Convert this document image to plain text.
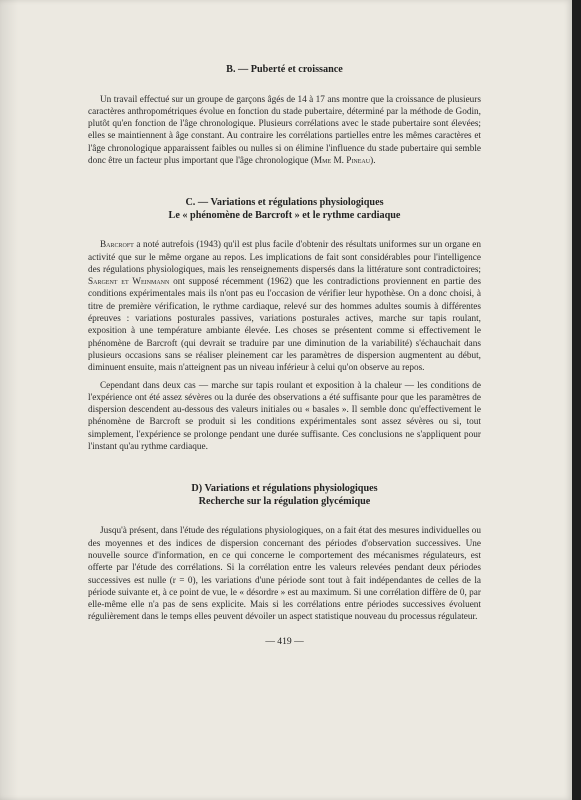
B. — Puberté et croissance

Un travail effectué sur un groupe de garçons âgés de 14 à 17 ans montre que la croissance de plusieurs caractères anthropométriques évolue en fonction du stade pubertaire, déterminé par la méthode de Godin, plutôt qu'en fonction de l'âge chronologique. Plusieurs corrélations avec le stade pubertaire sont élevées; elles se maintiennent à âge constant. Au contraire les corrélations partielles entre les mêmes caractères et l'âge chronologique apparaissent faibles ou nulles si on élimine l'influence du stade pubertaire qui semble donc être un facteur plus important que l'âge chronologique (Mme M. Pineau).

C. — Variations et régulations physiologiques
Le « phénomène de Barcroft » et le rythme cardiaque

Barcroft a noté autrefois (1943) qu'il est plus facile d'obtenir des résultats uniformes sur un organe en activité que sur le même organe au repos. Les implications de fait sont considérables pour l'intelligence des régulations physiologiques, mais les renseignements dispersés dans la littérature sont contradictoires; Sargent et Weinmann ont supposé récemment (1962) que les contradictions proviennent en partie des conditions expérimentales mais ils n'ont pas eu l'occasion de vérifier leur hypothèse. On a donc choisi, à titre de première vérification, le rythme cardiaque, relevé sur des hommes adultes soumis à différentes épreuves : variations posturales passives, variations posturales actives, marche sur tapis roulant, exposition à une température ambiante élevée. Les choses se présentent comme si effectivement le phénomène de Barcroft (qui devrait se traduire par une diminution de la variabilité) s'échauchait dans plusieurs occasions sans se réaliser pleinement car les paramètres de dispersion augmentent au début, diminuent ensuite, mais n'atteignent pas un niveau inférieur à celui qu'on observe au repos.

Cependant dans deux cas — marche sur tapis roulant et exposition à la chaleur — les conditions de l'expérience ont été assez sévères ou la durée des observations a été suffisante pour que les paramètres de dispersion descendent au-dessous des valeurs initiales ou « basales ». Il semble donc qu'effectivement le phénomène de Barcroft se produit si les conditions expérimentales sont assez sévères ou si, tout simplement, l'expérience se prolonge pendant une durée suffisante. Ces conclusions ne s'appliquent pour l'instant qu'au rythme cardiaque.

D) Variations et régulations physiologiques
Recherche sur la régulation glycémique

Jusqu'à présent, dans l'étude des régulations physiologiques, on a fait état des mesures individuelles ou des moyennes et des indices de dispersion concernant des périodes d'observation successives. Une nouvelle source d'information, en ce qui concerne le comportement des mécanismes régulateurs, est offerte par l'étude des corrélations. Si la corrélation entre les valeurs relevées pendant deux périodes successives est nulle (r = 0), les variations d'une période sont tout à fait indépendantes de celles de la période suivante et, à ce point de vue, le « désordre » est au maximum. Si une corrélation diffère de 0, par elle-même elle n'a pas de sens explicite. Mais si les corrélations entre périodes successives évoluent régulièrement dans le temps elles peuvent dévoiler un aspect statistique nouveau du processus régulateur.

— 419 —
